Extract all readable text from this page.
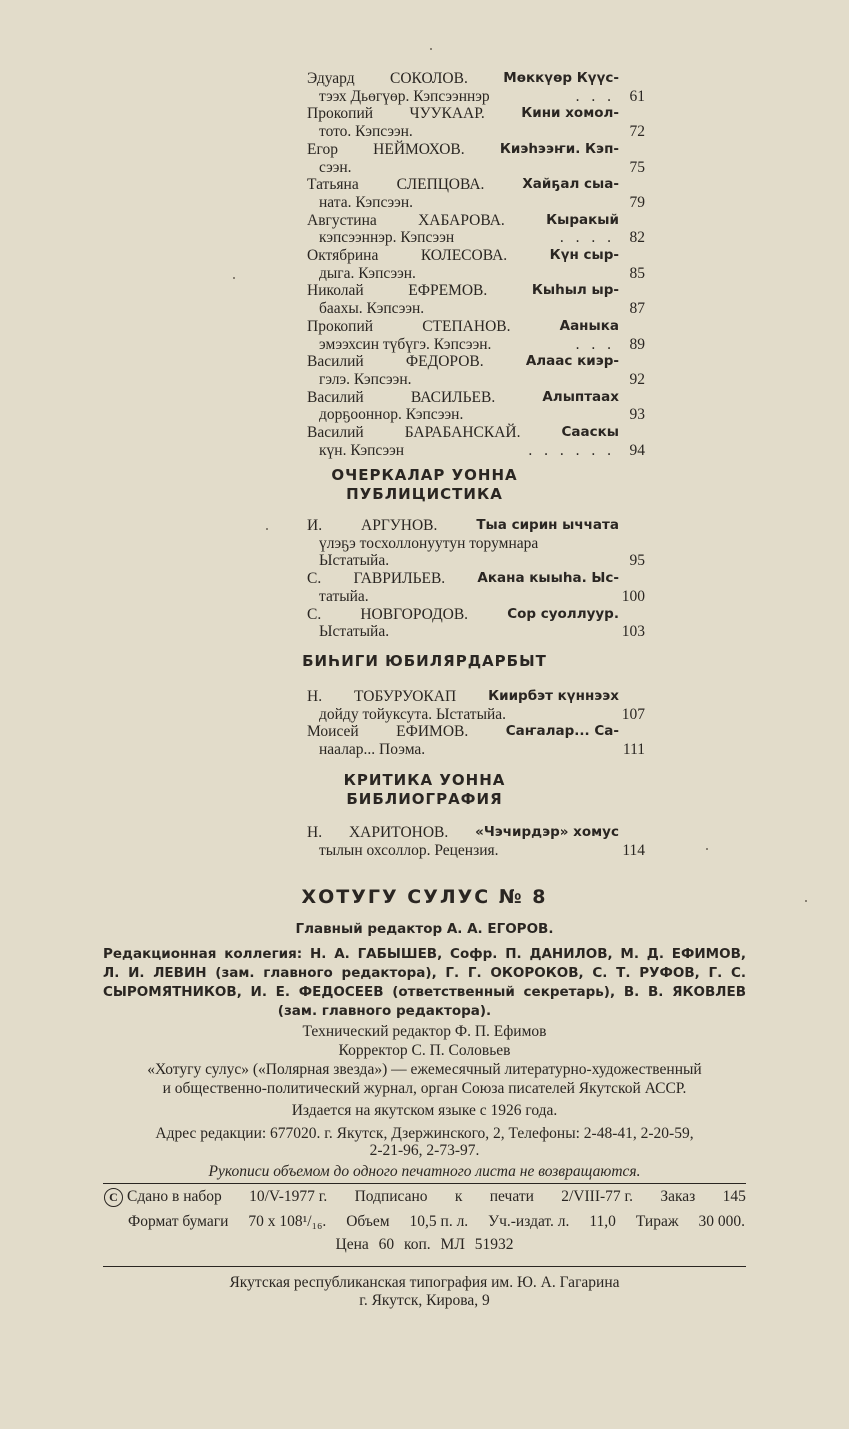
Эдуард СОКОЛОВ.	Мөккүөр Күүс-
тээх Дьөгүөр. Кэпсээннэр	. . . 61
Прокопий ЧУУКААР.	Кини хомол-
тото. Кэпсээн.	72
Егор НЕЙМОХОВ.	Киэһээҥи. Кэп-
сээн.	75
Татьяна СЛЕПЦОВА.	Хайҕал сыа-
ната. Кэпсээн.	79
Августина	ХАБАРОВА.	Кыракый
кэпсээннэр. Кэпсээн	. . . . 82
Октябрина	КОЛЕСОВА.	Күн сыр-
дыга. Кэпсээн.	85
Николай	ЕФРЕМОВ.	Кыһыл ыр-
баахы. Кэпсээн.	87
Прокопий	СТЕПАНОВ.	Ааныка
эмээхсин түбүгэ. Кэпсээн.	. . . 89
Василий	ФЕДОРОВ.	Алаас киэр-
гэлэ. Кэпсээн.	92
Василий	ВАСИЛЬЕВ.	Алыптаах
дорҕооннор. Кэпсээн.	93
Василий	БАРАБАНСКАЙ.	Сааскы
күн. Кэпсээн	. . . . . . 94
ОЧЕРКАЛАР УОННА
ПУБЛИЦИСТИКА
И.	АРГУНОВ.	Тыа сирин ыччата
үлэҕэ тосхоллонуутун торумнара
Ыстатыйа.	95
С. ГАВРИЛЬЕВ. Акана кыыһа. Ыс-
татыйа.	100
С.	НОВГОРОДОВ.	Сор суоллуур.
Ыстатыйа.	103
БИҺИГИ ЮБИЛЯРДАРБЫТ
Н. ТОБУРУОКАП Киирбэт күннээх
дойду тойуксута. Ыстатыйа.	107
Моисей ЕФИМОВ.	Саҥалар... Са-
наалар... Поэма.	111
КРИТИКА УОННА
БИБЛИОГРАФИЯ
Н. ХАРИТОНОВ. «Чэчирдэр» хомус
тылын охсоллор. Рецензия.	114
ХОТУГУ СУЛУС № 8
Главный редактор А. А. ЕГОРОВ.
Редакционная коллегия: Н. А. ГАБЫШЕВ, Софр. П. ДАНИЛОВ, М. Д. ЕФИМОВ,
Л. И. ЛЕВИН (зам. главного редактора), Г. Г. ОКОРОКОВ, С. Т. РУФОВ, Г. С.
СЫРОМЯТНИКОВ, И. Е. ФЕДОСЕЕВ (ответственный секретарь), В. В. ЯКОВЛЕВ
(зам. главного редактора).
Технический редактор Ф. П. Ефимов
Корректор С. П. Соловьев
«Хотугу сулус» («Полярная звезда») — ежемесячный литературно-художественный
и общественно-политический журнал, орган Союза писателей Якутской АССР.
Издается на якутском языке с 1926 года.
Адрес редакции: 677020. г. Якутск, Дзержинского, 2, Телефоны: 2-48-41, 2-20-59,
2-21-96, 2-73-97.
Рукописи объемом до одного печатного листа не возвращаются.
С Сдано в набор 10/V-1977 г. Подписано к печати 2/VIII-77 г. Заказ 145
Формат бумаги 70 х 108¹/₁₆. Объем 10,5 п. л. Уч.-издат. л. 11,0 Тираж 30 000.
Цена 60 коп. МЛ 51932
Якутская республиканская типография им. Ю. А. Гагарина
г. Якутск, Кирова, 9
